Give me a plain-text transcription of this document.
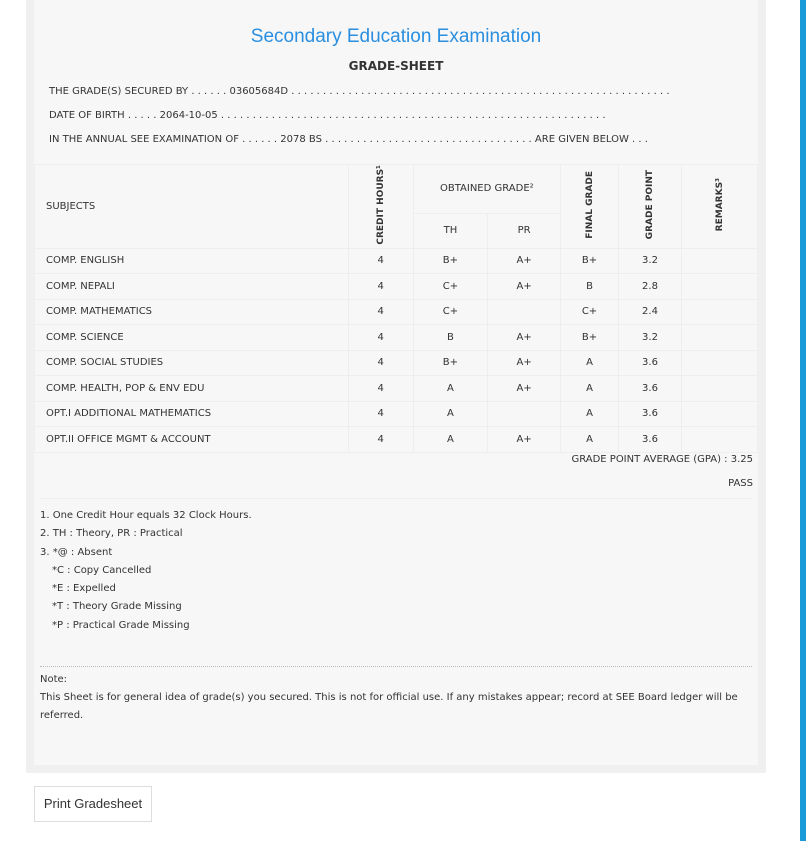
Secondary Education Examination
GRADE-SHEET
THE GRADE(S) SECURED BY . . . . . . 03605684D . . . . . . . . . . . . . . . . . . . . . . . . . . . . . . . . . . . . . . . . . . . . . . . . . . . . . . . . . . . .
DATE OF BIRTH . . . . . 2064-10-05 . . . . . . . . . . . . . . . . . . . . . . . . . . . . . . . . . . . . . . . . . . . . . . . . . . . . . . . . . . . . .
IN THE ANNUAL SEE EXAMINATION OF . . . . . . 2078 BS . . . . . . . . . . . . . . . . . . . . . . . . . . . . . . . . . ARE GIVEN BELOW . . .
SUBJECTS	CREDIT HOURS¹	OBTAINED GRADE²		FINAL GRADE	GRADE POINT	REMARKS³
		TH	PR			
COMP. ENGLISH	4	B+	A+	B+	3.2	
COMP. NEPALI	4	C+	A+	B	2.8	
COMP. MATHEMATICS	4	C+		C+	2.4	
COMP. SCIENCE	4	B	A+	B+	3.2	
COMP. SOCIAL STUDIES	4	B+	A+	A	3.6	
COMP. HEALTH, POP & ENV EDU	4	A	A+	A	3.6	
OPT.I ADDITIONAL MATHEMATICS	4	A		A	3.6	
OPT.II OFFICE MGMT & ACCOUNT	4	A	A+	A	3.6	
GRADE POINT AVERAGE (GPA) : 3.25
PASS
1. One Credit Hour equals 32 Clock Hours.
2. TH : Theory, PR : Practical
3. *@ : Absent
*C : Copy Cancelled
*E : Expelled
*T : Theory Grade Missing
*P : Practical Grade Missing
Note:
This Sheet is for general idea of grade(s) you secured. This is not for official use. If any mistakes appear; record at SEE Board ledger will be referred.
Print Gradesheet
